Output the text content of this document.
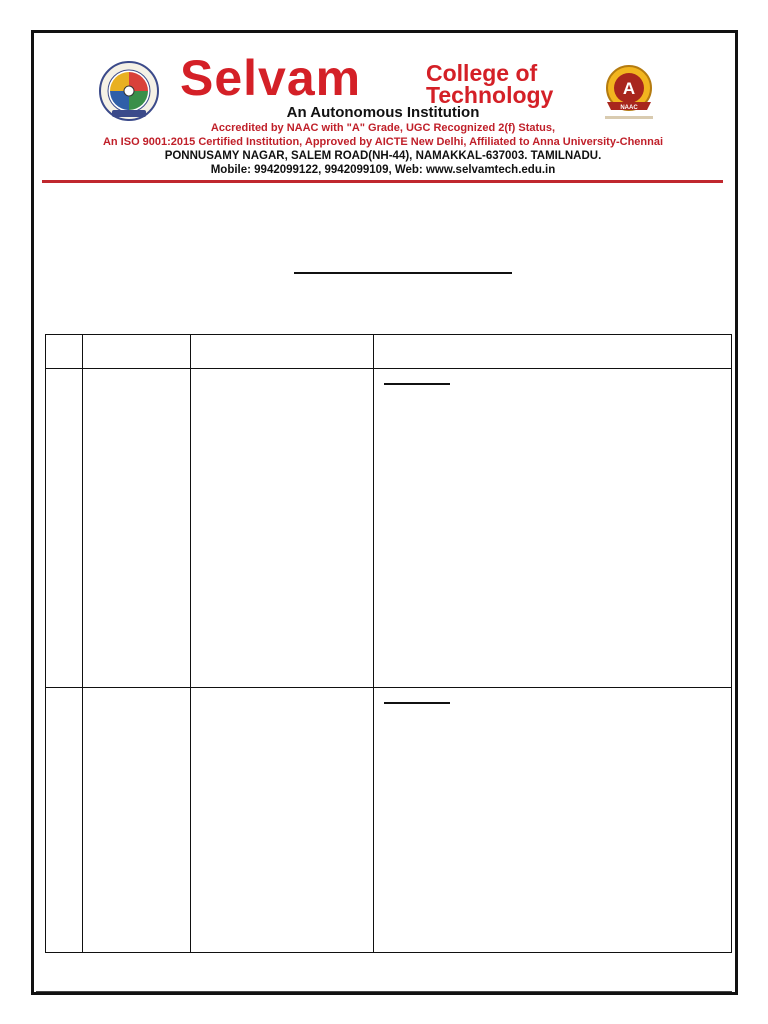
Selvam	College of
Technology	A
NAAC
An Autonomous Institution
Accredited by NAAC with "A" Grade, UGC Recognized 2(f) Status,
An ISO 9001:2015 Certified Institution, Approved by AICTE New Delhi, Affiliated to Anna University-Chennai
PONNUSAMY NAGAR, SALEM ROAD(NH-44), NAMAKKAL-637003. TAMILNADU.
Mobile: 9942099122, 9942099109, Web: www.selvamtech.edu.in
